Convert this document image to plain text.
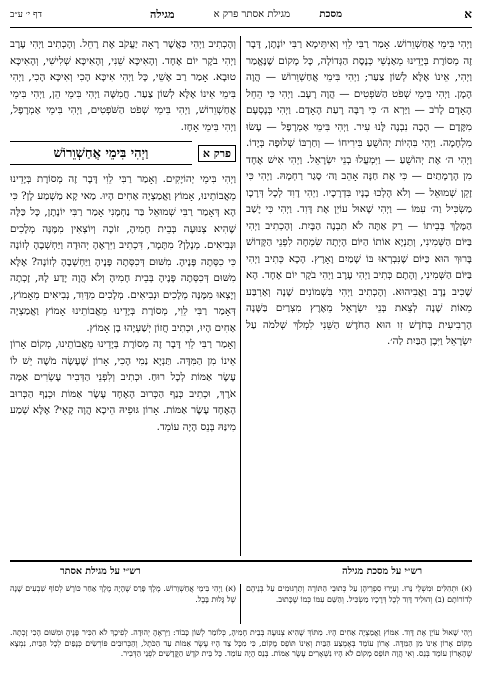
א
מסכת
מגילת אסתר פרק א
מגילה
דף י׳ ע״ב

וַיְהִי בִּימֵי אֲחַשְׁוֵרוֹשׁ. אָמַר רַבִּי לֵוִי וְאִיתֵּימָא רַבִּי יוֹנָתָן, דָּבָר זֶה מְסוֹרֶת בְּיָדֵינוּ מֵאַנְשֵׁי כְּנֶסֶת הַגְּדוֹלָה, כָּל מָקוֹם שֶׁנֶּאֱמַר וַיְהִי, אֵינוֹ אֶלָּא לְשׁוֹן צַעַר; וַיְהִי בִּימֵי אֲחַשְׁוֵרוֹשׁ — הֲוָה הָמָן. וַיְהִי בִּימֵי שְׁפֹט הַשֹּׁפְטִים — הֲוָה רָעָב. וַיְהִי כִּי הֵחֵל הָאָדָם לָרֹב — וַיַּרְא ה׳ כִּי רַבָּה רָעַת הָאָדָם. וַיְהִי בְּנָסְעָם מִקֶּדֶם — הָבָה נִבְנֶה לָּנוּ עִיר. וַיְהִי בִּימֵי אַמְרָפֶל — עָשׂוּ מִלְחָמָה. וַיְהִי בִּהְיוֹת יְהוֹשֻׁעַ בִּירִיחוֹ — וְחַרְבּוֹ שְׁלוּפָה בְּיָדוֹ. וַיְהִי ה׳ אֶת יְהוֹשֻׁעַ — וַיִּמְעֲלוּ בְנֵי יִשְׂרָאֵל. וַיְהִי אִישׁ אֶחָד מִן הָרָמָתַיִם — כִּי אֶת חַנָּה אָהֵב וַה׳ סָגַר רַחְמָהּ. וַיְהִי כִּי זָקֵן שְׁמוּאֵל — וְלֹא הָלְכוּ בָנָיו בִּדְרָכָיו. וַיְהִי דָוִד לְכָל דְּרָכָו מַשְׂכִּיל וַה׳ עִמּוֹ — וַיְהִי שָׁאוּל עוֹיֵן אֶת דָּוִד. וַיְהִי כִּי יָשַׁב הַמֶּלֶךְ בְּבֵיתוֹ — רַק אַתָּה לֹא תִבְנֶה הַבָּיִת. וְהָכְתִיב וַיְהִי בַּיּוֹם הַשְּׁמִינִי, וְתַנְיָא אוֹתוֹ הַיּוֹם הָיְתָה שִׂמְחָה לִפְנֵי הַקָּדוֹשׁ בָּרוּךְ הוּא כַּיּוֹם שֶׁנִּבְרְאוּ בּוֹ שָׁמַיִם וָאָרֶץ. הָכָא כְּתִיב וַיְהִי בַּיּוֹם הַשְּׁמִינִי, וְהָתָם כְּתִיב וַיְהִי עֶרֶב וַיְהִי בֹקֶר יוֹם אֶחָד. הָא שָׁכִיב נָדָב וַאֲבִיהוּא. וְהָכְתִיב וַיְהִי בִּשְׁמוֹנִים שָׁנָה וְאַרְבַּע מֵאוֹת שָׁנָה לְצֵאת בְּנֵי יִשְׂרָאֵל מֵאֶרֶץ מִצְרַיִם בַּשָּׁנָה הָרְבִיעִית בְּחֹדֶשׁ זִו הוּא הַחֹדֶשׁ הַשֵּׁנִי לִמְלֹךְ שְׁלֹמֹה עַל יִשְׂרָאֵל וַיִּבֶן הַבַּיִת לַה׳.

וְהָכְתִיב וַיְהִי כַּאֲשֶׁר רָאָה יַעֲקֹב אֶת רָחֵל. וְהָכְתִיב וַיְהִי עֶרֶב וַיְהִי בֹקֶר יוֹם אֶחָד. וְהָאִיכָּא שֵׁנִי, וְהָאִיכָּא שְׁלִישִׁי, וְהָאִיכָּא טוּבָא. אָמַר רַב אָשֵׁי, כָּל וַיְהִי אִיכָּא הָכִי וְאִיכָּא הָכִי, וַיְהִי בִּימֵי אֵינוֹ אֶלָּא לְשׁוֹן צַעַר. חֲמִשָּׁה וַיְהִי בִּימֵי הֵן, וַיְהִי בִּימֵי אֲחַשְׁוֵרוֹשׁ, וַיְהִי בִּימֵי שְׁפֹט הַשֹּׁפְטִים, וַיְהִי בִּימֵי אַמְרָפֶל, וַיְהִי בִּימֵי אָחָז.

פרק א
וַיְהִי בִּימֵי אֲחַשְׁוֵרוֹשׁ

וַיְהִי בִּימֵי יְהוֹיָקִים. וְאָמַר רַבִּי לֵוִי דָּבָר זֶה מְסוֹרֶת בְּיָדֵינוּ מֵאֲבוֹתֵינוּ, אָמוֹץ וַאֲמַצְיָה אַחִים הָיוּ. מַאי קָא מַשְׁמַע לָן? כִּי הָא דְּאָמַר רַבִּי שְׁמוּאֵל בַּר נַחְמָנִי אָמַר רַבִּי יוֹנָתָן, כָּל כַּלָּה שֶׁהִיא צְנוּעָה בְּבֵית חָמִיהָ, זוֹכָה וְיוֹצְאִין מִמֶּנָּה מְלָכִים וּנְבִיאִים. מְנָלַן? מִתָּמָר, דִּכְתִיב וַיִּרְאֶהָ יְהוּדָה וַיַּחְשְׁבֶהָ לְזוֹנָה כִּי כִסְּתָה פָּנֶיהָ. מִשּׁוּם דְּכִסְּתָה פָּנֶיהָ וַיַּחְשְׁבֶהָ לְזוֹנָה? אֶלָּא מִשּׁוּם דְּכִסְּתָה פָּנֶיהָ בְּבֵית חָמִיהָ וְלֹא הֲוָה יָדַע לָהּ, זָכְתָה וְיָצְאוּ מִמֶּנָּה מְלָכִים וּנְבִיאִים. מְלָכִים מִדָּוִד, נְבִיאִים מֵאָמוֹץ, דְּאָמַר רַבִּי לֵוִי, מְסוֹרֶת בְּיָדֵינוּ מֵאֲבוֹתֵינוּ אָמוֹץ וַאֲמַצְיָה אַחִים הָיוּ, וּכְתִיב חֲזוֹן יְשַׁעְיָהוּ בֶן אָמוֹץ.

וְאָמַר רַבִּי לֵוִי דָּבָר זֶה מְסוֹרֶת בְּיָדֵינוּ מֵאֲבוֹתֵינוּ, מְקוֹם אָרוֹן אֵינוֹ מִן הַמִּדָּה. תַּנְיָא נַמִי הָכִי, אָרוֹן שֶׁעָשָׂה מֹשֶׁה יֵשׁ לוֹ עֶשֶׂר אַמּוֹת לְכָל רוּחַ. וּכְתִיב וְלִפְנֵי הַדְּבִיר עֶשְׂרִים אַמָּה אֹרֶךְ, וּכְתִיב כְּנַף הַכְּרוּב הָאֶחָד עֶשֶׂר אַמּוֹת וּכְנַף הַכְּרוּב הָאֶחָד עֶשֶׂר אַמּוֹת. אָרוֹן גּוּפֵיהּ הֵיכָא הֲוָה קָאֵי? אֶלָּא שְׁמַע מִינַּהּ בְּנֵס הָיָה עוֹמֵד.

רש״י על מסכת מגילה
רש״י על מגילת אסתר

(א) וּתְהִלִּים וּמִשְׁלֵי נֵּרוּ. וְעַיְּרוּ סִפְרֵיהֶן עַל כְּתוּבֵי הַתּוֹרָה וְתַרְגּוּמִים עַל בְּנֵיהֶם לְדוֹרוֹתָם (ב) וְהוּלִיד דָּוִד לְכָל דְּרָכָיו מַשְׂכִּיל. וְהַשֵּׁם עִמּוֹ כְּמוֹ שֶׁכָּתוּב.

(א) וַיְהִי בִּימֵי אֲחַשְׁוֵרוֹשׁ. מֶלֶךְ פָּרַס שֶׁהָיָה מֶלֶךְ אַחַר כּוֹרֶשׁ לְסוֹף שִׁבְעִים שָׁנָה שֶׁל גָּלוּת בָּבֶל.

וַיְהִי שָׁאוּל עוֹיֵן אֶת דָּוִד. אִמּוֹץ וַאֲמַצְיָה אַחִים הָיוּ. מִתּוֹךְ שֶׁהִיא צְנוּעָה בְּבֵית חָמִיהָ, כְּלוֹמַר לְשׁוֹן כָּבוֹד: וַיִּרְאֶהָ יְהוּדָה. לְפִיכָךְ לֹא הִכִּיר פָּנֶיהָ וּמִשּׁוּם הָכִי זָכְתָה. מְקוֹם אָרוֹן אֵינוֹ מִן הַמִּדָּה. אָרוֹן עוֹמֵד בְּאֶמְצַע הַבַּיִת וְאֵינוֹ תּוֹפֵס מָקוֹם, כִּי מִכָּל צַד הָיוּ עֶשֶׂר אַמּוֹת עַד הַכֹּתֶל, וְהַכְּרוּבִים פּוֹרְשִׂים כְּנָפַיִם לְכָל הַבַּיִת, נִמְצָא שֶׁהָאָרוֹן עוֹמֵד בְּנֵס. וְאִי הֲוָה תּוֹפֵס מָקוֹם לֹא הָיוּ נִשְׁאָרִים עֶשֶׂר אַמּוֹת. בְּנֵס הָיָה עוֹמֵד. כָּל בֵּית קֹדֶשׁ הַקֳּדָשִׁים לִפְנֵי הַדְּבִיר.
